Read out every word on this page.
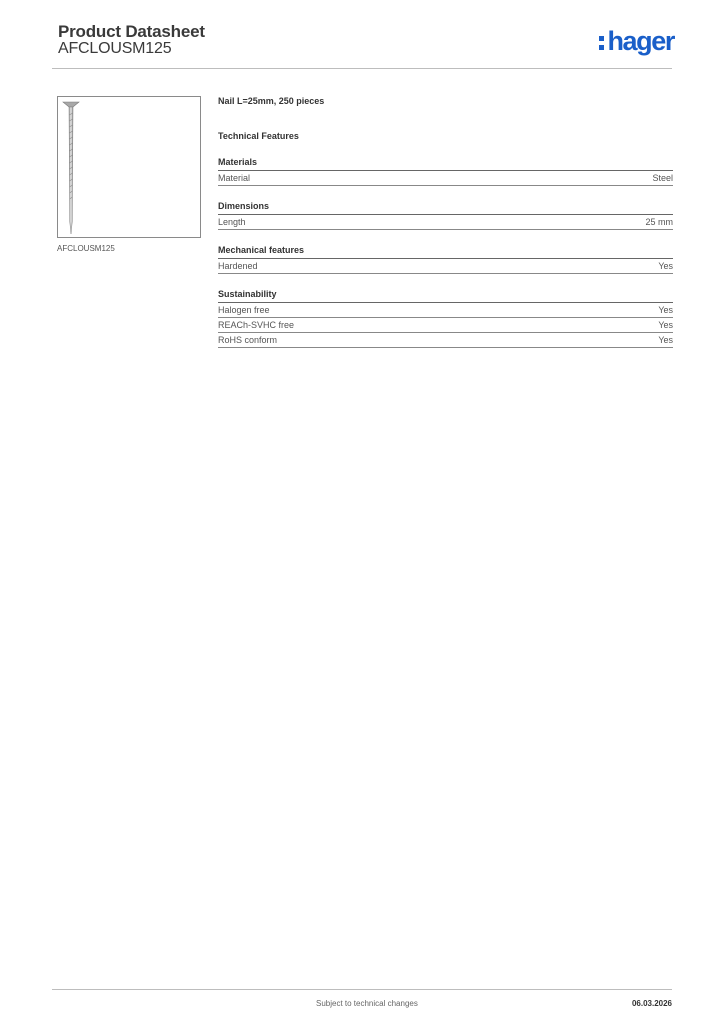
Product Datasheet
AFCLOUSM125	hager
AFCLOUSM125
Nail L=25mm, 250 pieces
Technical Features
Materials
Material	Steel
Dimensions
Length	25 mm
Mechanical features
Hardened	Yes
Sustainability
Halogen free	Yes
REACh-SVHC free	Yes
RoHS conform	Yes
Subject to technical changes	06.03.2026
